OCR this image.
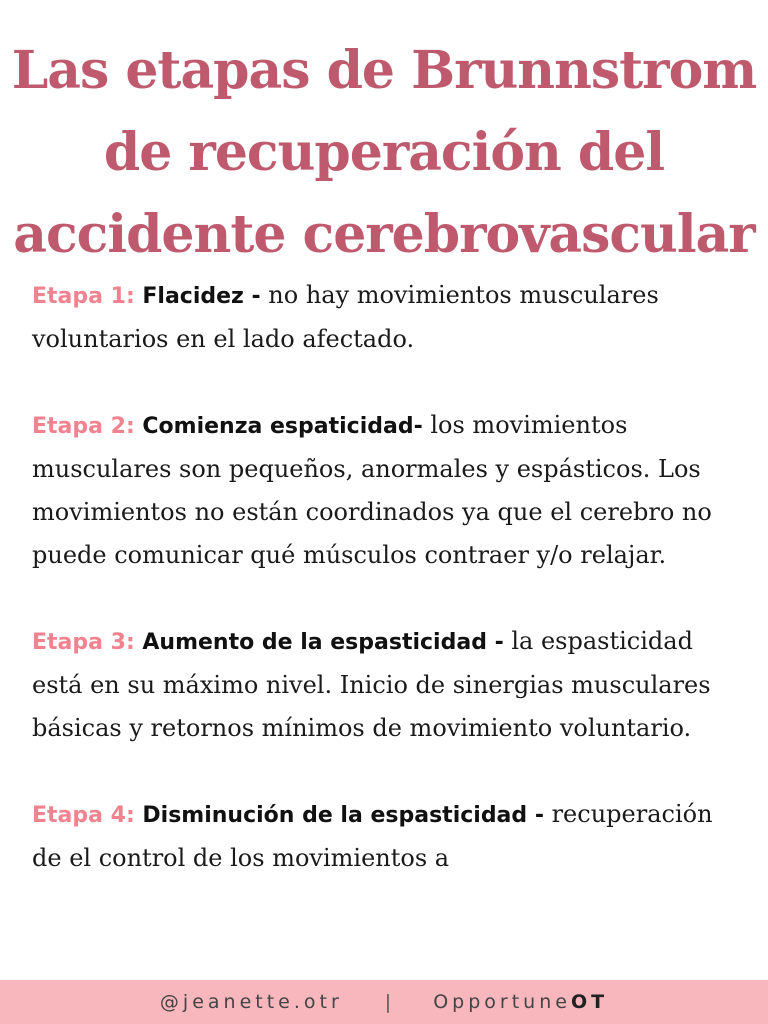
Las etapas de Brunnstrom
de recuperación del
accidente cerebrovascular

Etapa 1: Flacidez - no hay movimientos musculares voluntarios en el lado afectado.

Etapa 2: Comienza espaticidad- los movimientos musculares son pequeños, anormales y espásticos. Los movimientos no están coordinados ya que el cerebro no puede comunicar qué músculos contraer y/o relajar.

Etapa 3: Aumento de la espasticidad - la espasticidad está en su máximo nivel. Inicio de sinergias musculares básicas y retornos mínimos de movimiento voluntario.

Etapa 4: Disminución de la espasticidad - recuperación de el control de los movimientos a

@jeanette.otr | OpportuneOT
